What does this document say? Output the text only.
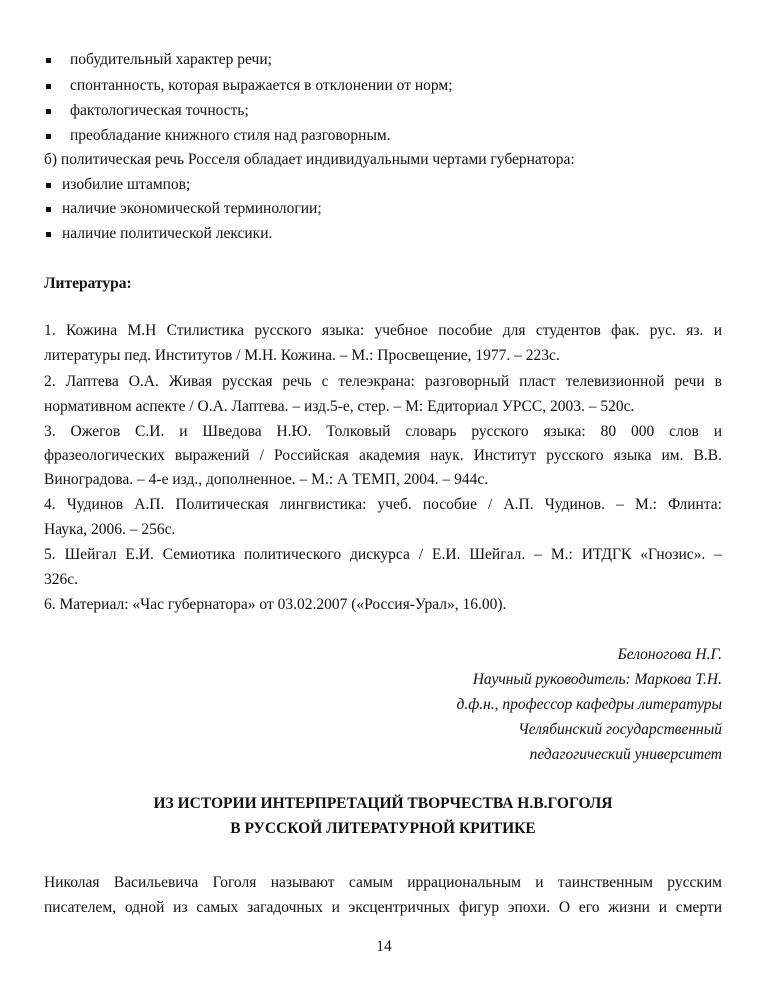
побудительный характер речи;
спонтанность, которая выражается в отклонении от норм;
фактологическая точность;
преобладание книжного стиля над разговорным.
б) политическая речь Росселя обладает индивидуальными чертами губернатора:
изобилие штампов;
наличие экономической терминологии;
наличие политической лексики.
Литература:
1. Кожина М.Н Стилистика русского языка: учебное пособие для студентов фак. рус. яз. и
литературы пед. Институтов / М.Н. Кожина. – М.: Просвещение, 1977. – 223с.
2. Лаптева О.А. Живая русская речь с телеэкрана: разговорный пласт телевизионной речи в
нормативном аспекте / О.А. Лаптева. – изд.5-е, стер. – М: Едиториал УРСС, 2003. – 520с.
3. Ожегов С.И. и Шведова Н.Ю. Толковый словарь русского языка: 80 000 слов и
фразеологических выражений / Российская академия наук. Институт русского языка им. В.В.
Виноградова. – 4-е изд., дополненное. – М.: А ТЕМП, 2004. – 944с.
4. Чудинов А.П. Политическая лингвистика: учеб. пособие / А.П. Чудинов. – М.: Флинта:
Наука, 2006. – 256с.
5. Шейгал Е.И. Семиотика политического дискурса / Е.И. Шейгал. – М.: ИТДГК «Гнозис». –
326с.
6. Материал: «Час губернатора» от 03.02.2007 («Россия-Урал», 16.00).
Белоногова Н.Г.
Научный руководитель: Маркова Т.Н.
д.ф.н., профессор кафедры литературы
Челябинский государственный
педагогический университет
ИЗ ИСТОРИИ ИНТЕРПРЕТАЦИЙ ТВОРЧЕСТВА Н.В.ГОГОЛЯ
В РУССКОЙ ЛИТЕРАТУРНОЙ КРИТИКЕ
Николая Васильевича Гоголя называют самым иррациональным и таинственным русским
писателем, одной из самых загадочных и эксцентричных фигур эпохи. О его жизни и смерти
14
